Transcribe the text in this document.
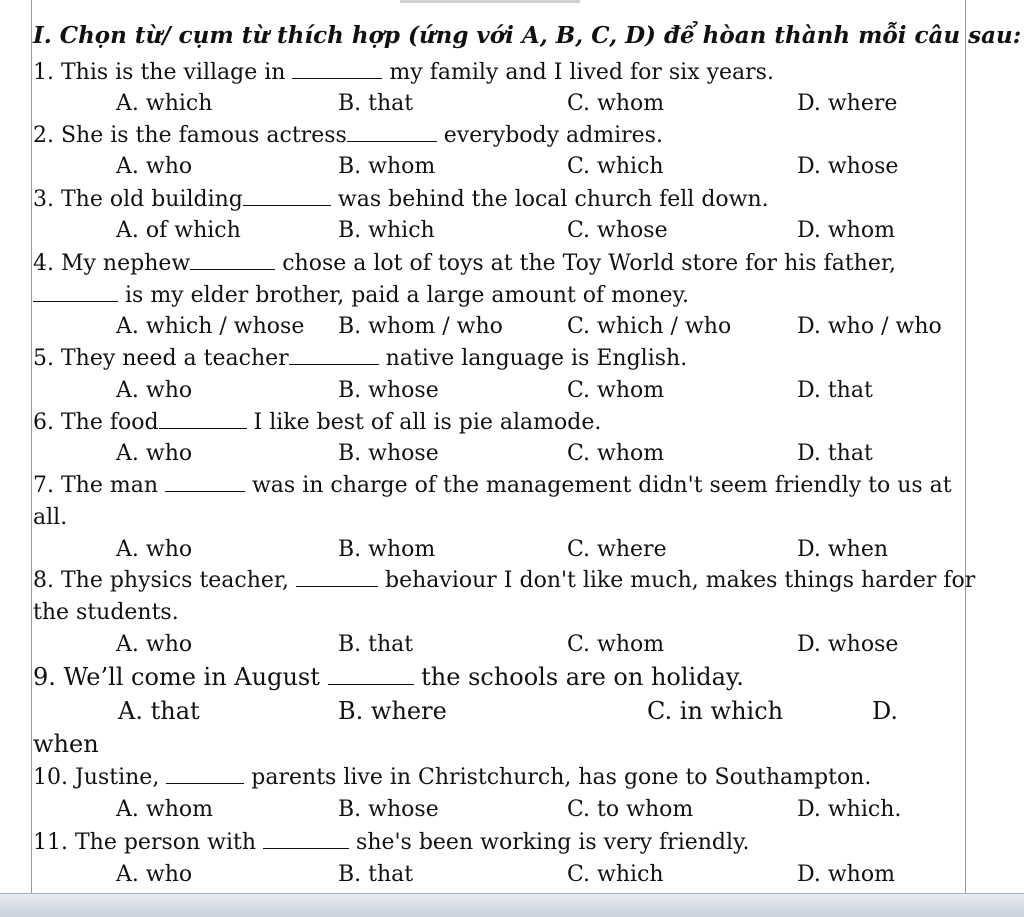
I. Chọn từ/ cụm từ thích hợp (ứng với A, B, C, D) để hòan thành mỗi câu sau:
1. This is the village in	my family and I lived for six years.
A. which	B. that	C. whom	D. where
2. She is the famous actress	everybody admires.
A. who	B. whom	C. which	D. whose
3. The old building	was behind the local church fell down.
A. of which	B. which	C. whose	D. whom
4. My nephew	chose a lot of toys at the Toy World store for his father,
is my elder brother, paid a large amount of money.
A. which / whose B. whom / who	C. which / who	D. who / who
5. They need a teacher	native language is English.
A. who	B. whose	C. whom	D. that
6. The food	I like best of all is pie alamode.
A. who	B. whose	C. whom	D. that
7. The man	was in charge of the management didn't seem friendly to us at
all.
A. who	B. whom	C. where	D. when
8. The physics teacher,	behaviour I don't like much, makes things harder for
the students.
A. who	B. that	C. whom	D. whose
9. We’ll come in August	the schools are on holiday.
A. that	B. where	C. in which	D.
when
10. Justine,	parents live in Christchurch, has gone to Southampton.
A. whom	B. whose	C. to whom	D. which.
11. The person with	she's been working is very friendly.
A. who	B. that	C. which	D. whom
